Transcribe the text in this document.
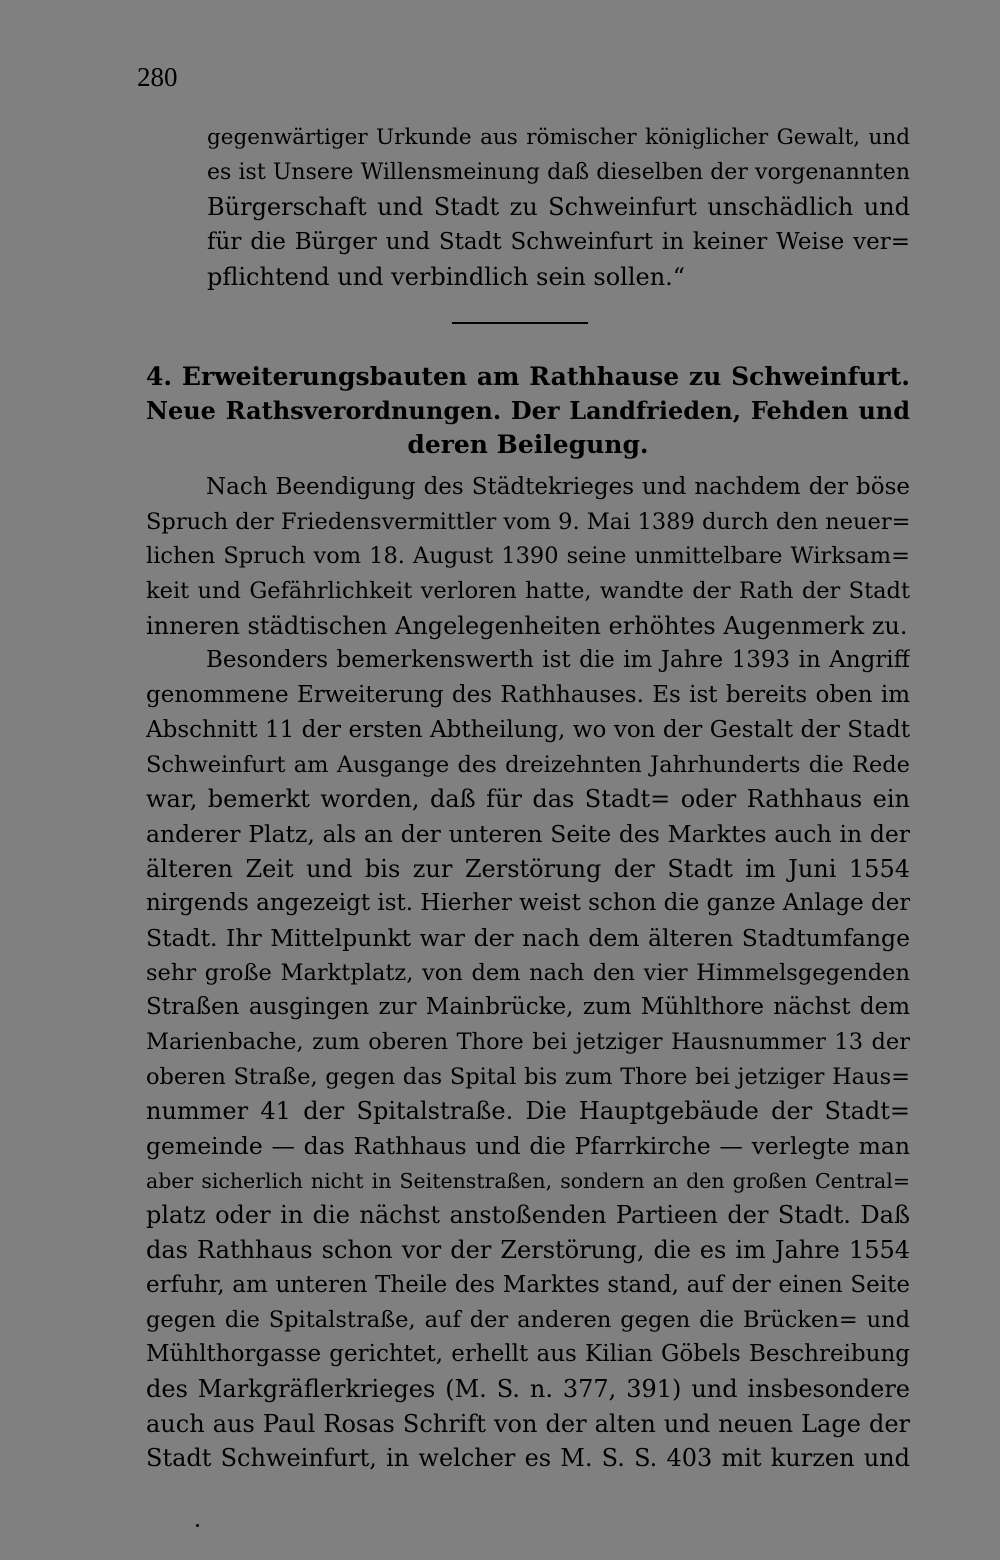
280
gegenwärtiger Urkunde aus römischer königlicher Gewalt, und
es ist Unsere Willensmeinung daß dieselben der vorgenannten
Bürgerschaft und Stadt zu Schweinfurt unschädlich und
für die Bürger und Stadt Schweinfurt in keiner Weise ver=
pflichtend und verbindlich sein sollen.“
4. Erweiterungsbauten am Rathhause zu Schweinfurt.
Neue Rathsverordnungen. Der Landfrieden, Fehden und
deren Beilegung.
Nach Beendigung des Städtekrieges und nachdem der böse
Spruch der Friedensvermittler vom 9. Mai 1389 durch den neuer=
lichen Spruch vom 18. August 1390 seine unmittelbare Wirksam=
keit und Gefährlichkeit verloren hatte, wandte der Rath der Stadt
inneren städtischen Angelegenheiten erhöhtes Augenmerk zu.
Besonders bemerkenswerth ist die im Jahre 1393 in Angriff
genommene Erweiterung des Rathhauses. Es ist bereits oben im
Abschnitt 11 der ersten Abtheilung, wo von der Gestalt der Stadt
Schweinfurt am Ausgange des dreizehnten Jahrhunderts die Rede
war, bemerkt worden, daß für das Stadt= oder Rathhaus ein
anderer Platz, als an der unteren Seite des Marktes auch in der
älteren Zeit und bis zur Zerstörung der Stadt im Juni 1554
nirgends angezeigt ist. Hierher weist schon die ganze Anlage der
Stadt. Ihr Mittelpunkt war der nach dem älteren Stadtumfange
sehr große Marktplatz, von dem nach den vier Himmelsgegenden
Straßen ausgingen zur Mainbrücke, zum Mühlthore nächst dem
Marienbache, zum oberen Thore bei jetziger Hausnummer 13 der
oberen Straße, gegen das Spital bis zum Thore bei jetziger Haus=
nummer 41 der Spitalstraße. Die Hauptgebäude der Stadt=
gemeinde — das Rathhaus und die Pfarrkirche — verlegte man
aber sicherlich nicht in Seitenstraßen, sondern an den großen Central=
platz oder in die nächst anstoßenden Partieen der Stadt. Daß
das Rathhaus schon vor der Zerstörung, die es im Jahre 1554
erfuhr, am unteren Theile des Marktes stand, auf der einen Seite
gegen die Spitalstraße, auf der anderen gegen die Brücken= und
Mühlthorgasse gerichtet, erhellt aus Kilian Göbels Beschreibung
des Markgräflerkrieges (M. S. n. 377, 391) und insbesondere
auch aus Paul Rosas Schrift von der alten und neuen Lage der
Stadt Schweinfurt, in welcher es M. S. S. 403 mit kurzen und
